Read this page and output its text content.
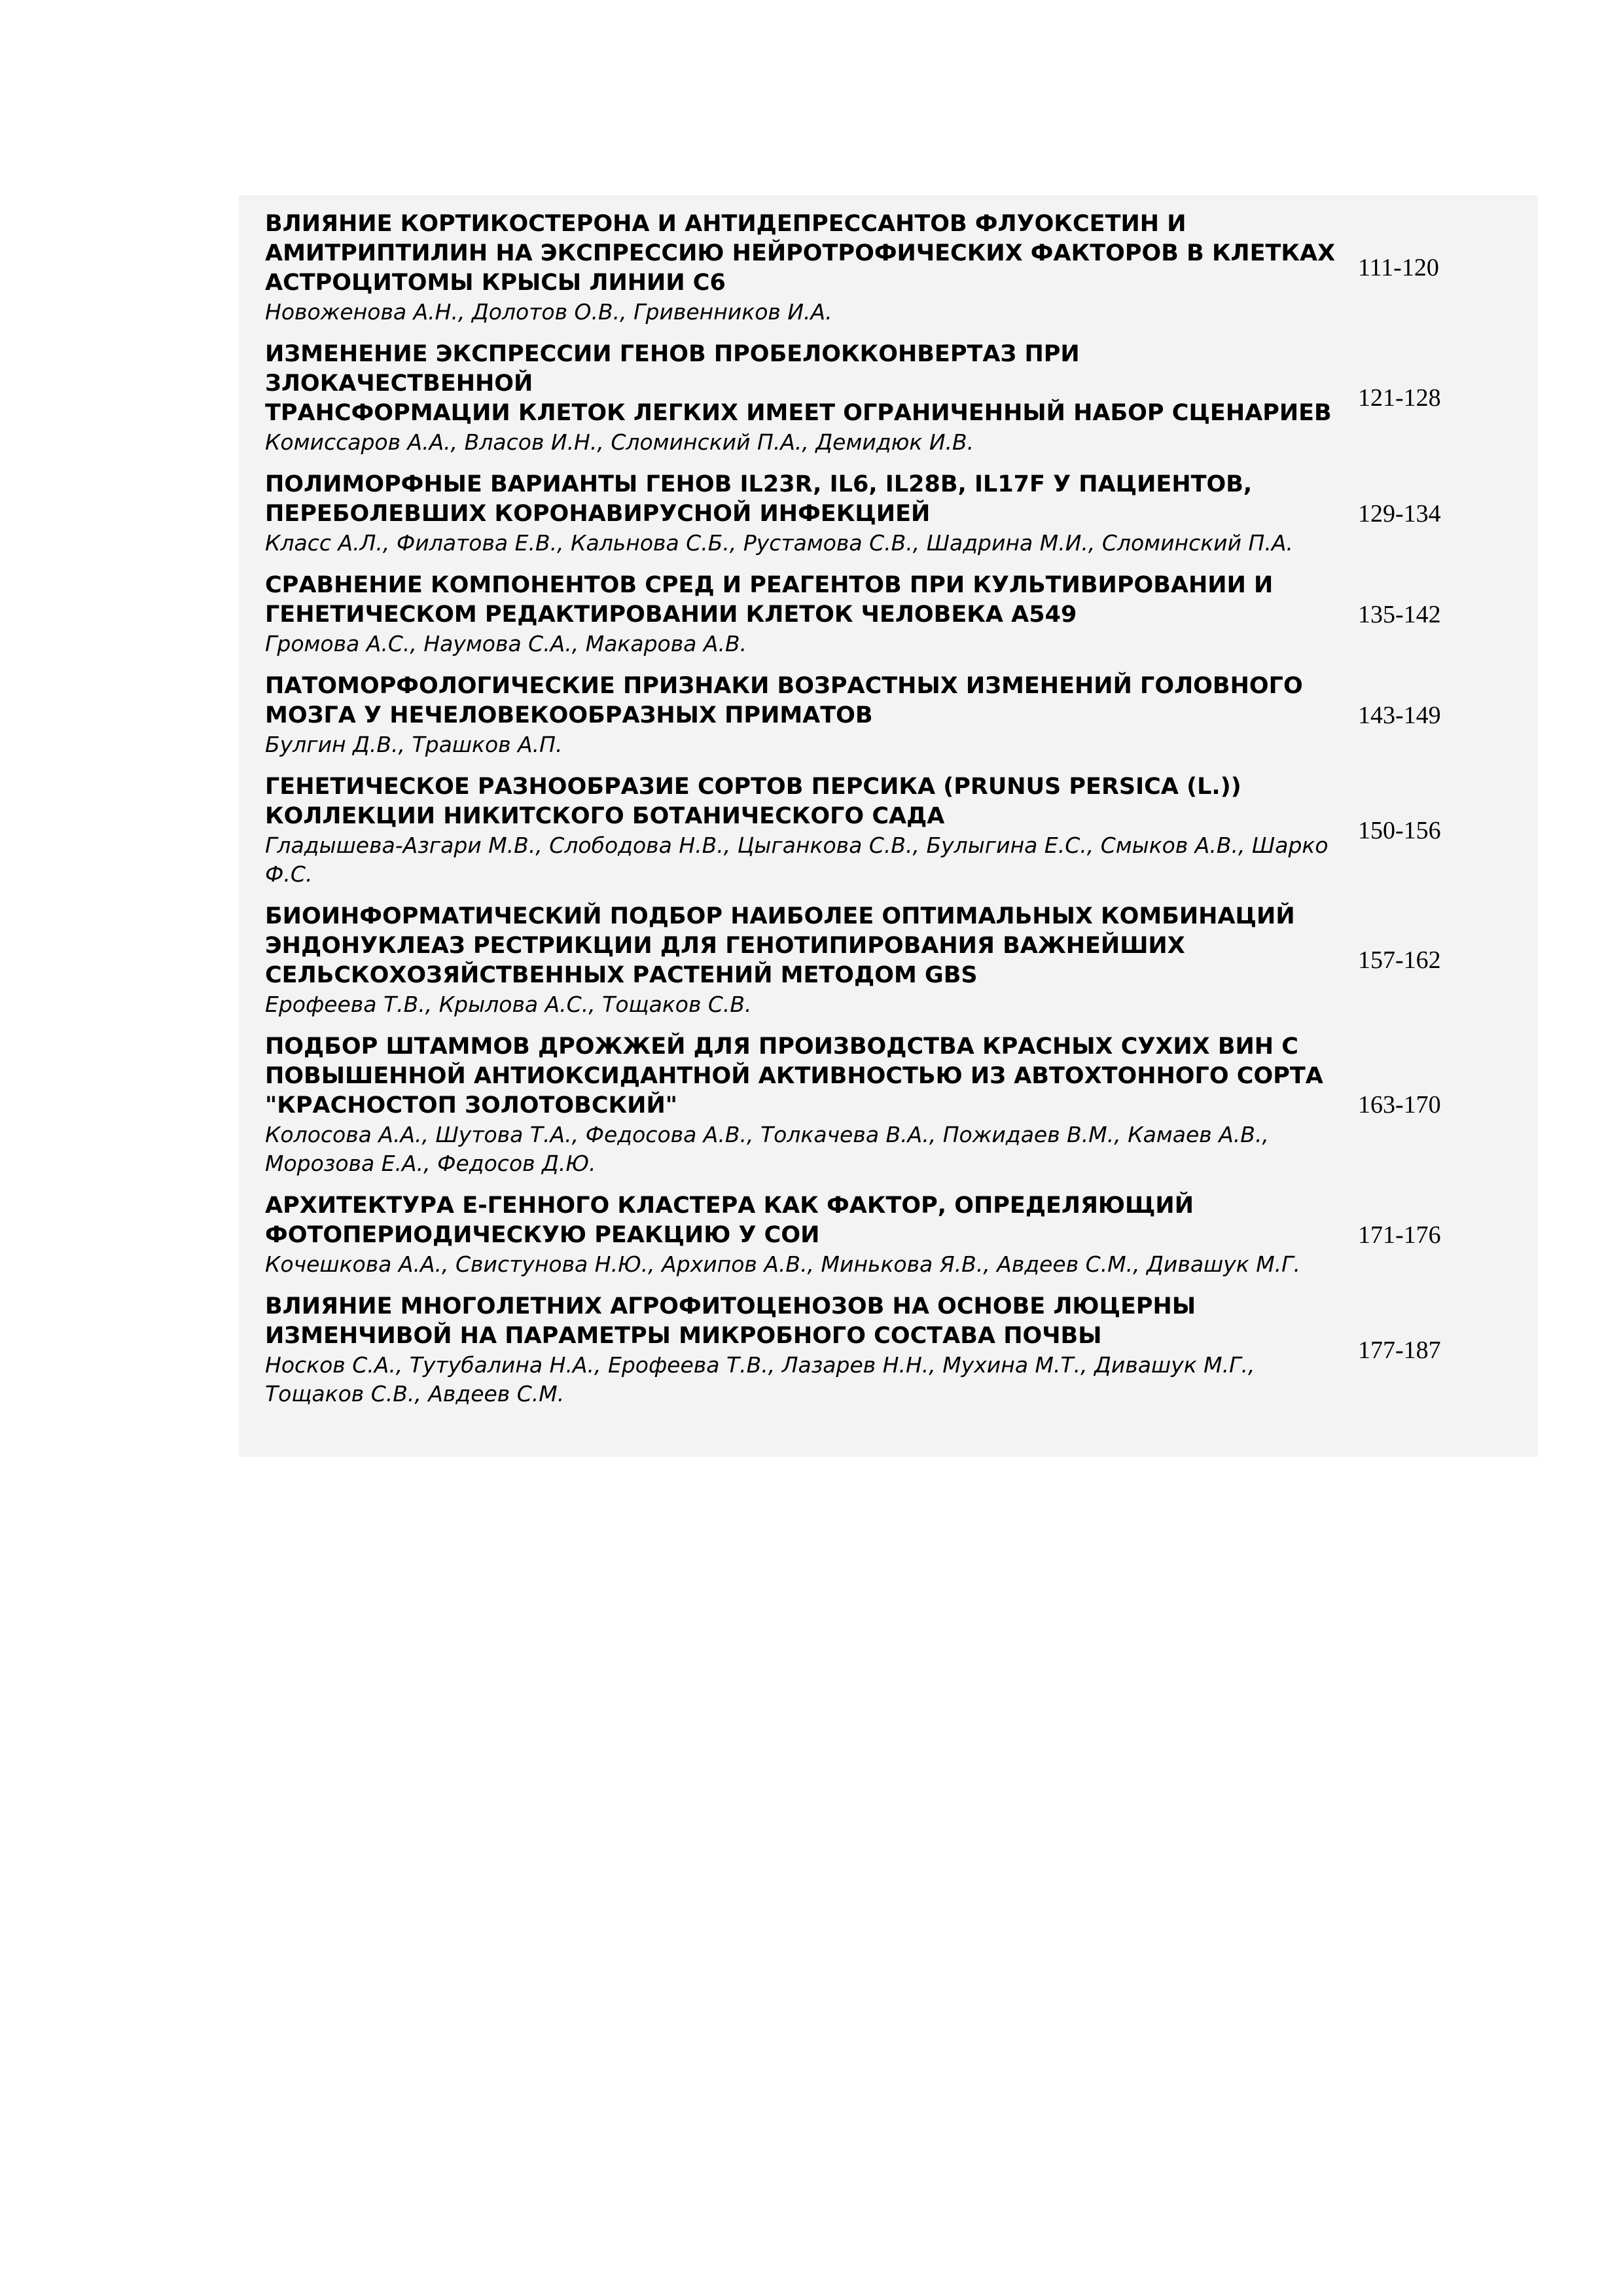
ВЛИЯНИЕ КОРТИКОСТЕРОНА И АНТИДЕПРЕССАНТОВ ФЛУОКСЕТИН И
АМИТРИПТИЛИН НА ЭКСПРЕССИЮ НЕЙРОТРОФИЧЕСКИХ ФАКТОРОВ В КЛЕТКАХ
АСТРОЦИТОМЫ КРЫСЫ ЛИНИИ С6
Новоженова А.Н., Долотов О.В., Гривенников И.А.
111-120
ИЗМЕНЕНИЕ ЭКСПРЕССИИ ГЕНОВ ПРОБЕЛОККОНВЕРТАЗ ПРИ ЗЛОКАЧЕСТВЕННОЙ
ТРАНСФОРМАЦИИ КЛЕТОК ЛЕГКИХ ИМЕЕТ ОГРАНИЧЕННЫЙ НАБОР СЦЕНАРИЕВ
Комиссаров А.А., Власов И.Н., Сломинский П.А., Демидюк И.В.
121-128
ПОЛИМОРФНЫЕ ВАРИАНТЫ ГЕНОВ IL23R, IL6, IL28B, IL17F У ПАЦИЕНТОВ,
ПЕРЕБОЛЕВШИХ КОРОНАВИРУСНОЙ ИНФЕКЦИЕЙ
Класс А.Л., Филатова Е.В., Кальнова С.Б., Рустамова С.В., Шадрина М.И., Сломинский П.А.
129-134
СРАВНЕНИЕ КОМПОНЕНТОВ СРЕД И РЕАГЕНТОВ ПРИ КУЛЬТИВИРОВАНИИ И
ГЕНЕТИЧЕСКОМ РЕДАКТИРОВАНИИ КЛЕТОК ЧЕЛОВЕКА А549
Громова А.С., Наумова С.А., Макарова А.В.
135-142
ПАТОМОРФОЛОГИЧЕСКИЕ ПРИЗНАКИ ВОЗРАСТНЫХ ИЗМЕНЕНИЙ ГОЛОВНОГО
МОЗГА У НЕЧЕЛОВЕКООБРАЗНЫХ ПРИМАТОВ
Булгин Д.В., Трашков А.П.
143-149
ГЕНЕТИЧЕСКОЕ РАЗНООБРАЗИЕ СОРТОВ ПЕРСИКА (PRUNUS PERSICA (L.))
КОЛЛЕКЦИИ НИКИТСКОГО БОТАНИЧЕСКОГО САДА
Гладышева-Азгари М.В., Слободова Н.В., Цыганкова С.В., Булыгина Е.С., Смыков А.В., Шарко
Ф.С.
150-156
БИОИНФОРМАТИЧЕСКИЙ ПОДБОР НАИБОЛЕЕ ОПТИМАЛЬНЫХ КОМБИНАЦИЙ
ЭНДОНУКЛЕАЗ РЕСТРИКЦИИ ДЛЯ ГЕНОТИПИРОВАНИЯ ВАЖНЕЙШИХ
СЕЛЬСКОХОЗЯЙСТВЕННЫХ РАСТЕНИЙ МЕТОДОМ GBS
Ерофеева Т.В., Крылова А.С., Тощаков С.В.
157-162
ПОДБОР ШТАММОВ ДРОЖЖЕЙ ДЛЯ ПРОИЗВОДСТВА КРАСНЫХ СУХИХ ВИН С
ПОВЫШЕННОЙ АНТИОКСИДАНТНОЙ АКТИВНОСТЬЮ ИЗ АВТОХТОННОГО СОРТА
"КРАСНОСТОП ЗОЛОТОВСКИЙ"
Колосова А.А., Шутова Т.А., Федосова А.В., Толкачева В.А., Пожидаев В.М., Камаев А.В.,
Морозова Е.А., Федосов Д.Ю.
163-170
АРХИТЕКТУРА Е-ГЕННОГО КЛАСТЕРА КАК ФАКТОР, ОПРЕДЕЛЯЮЩИЙ
ФОТОПЕРИОДИЧЕСКУЮ РЕАКЦИЮ У СОИ
Кочешкова А.А., Свистунова Н.Ю., Архипов А.В., Минькова Я.В., Авдеев С.М., Дивашук М.Г.
171-176
ВЛИЯНИЕ МНОГОЛЕТНИХ АГРОФИТОЦЕНОЗОВ НА ОСНОВЕ ЛЮЦЕРНЫ
ИЗМЕНЧИВОЙ НА ПАРАМЕТРЫ МИКРОБНОГО СОСТАВА ПОЧВЫ
Носков С.А., Тутубалина Н.А., Ерофеева Т.В., Лазарев Н.Н., Мухина М.Т., Дивашук М.Г.,
Тощаков С.В., Авдеев С.М.
177-187
